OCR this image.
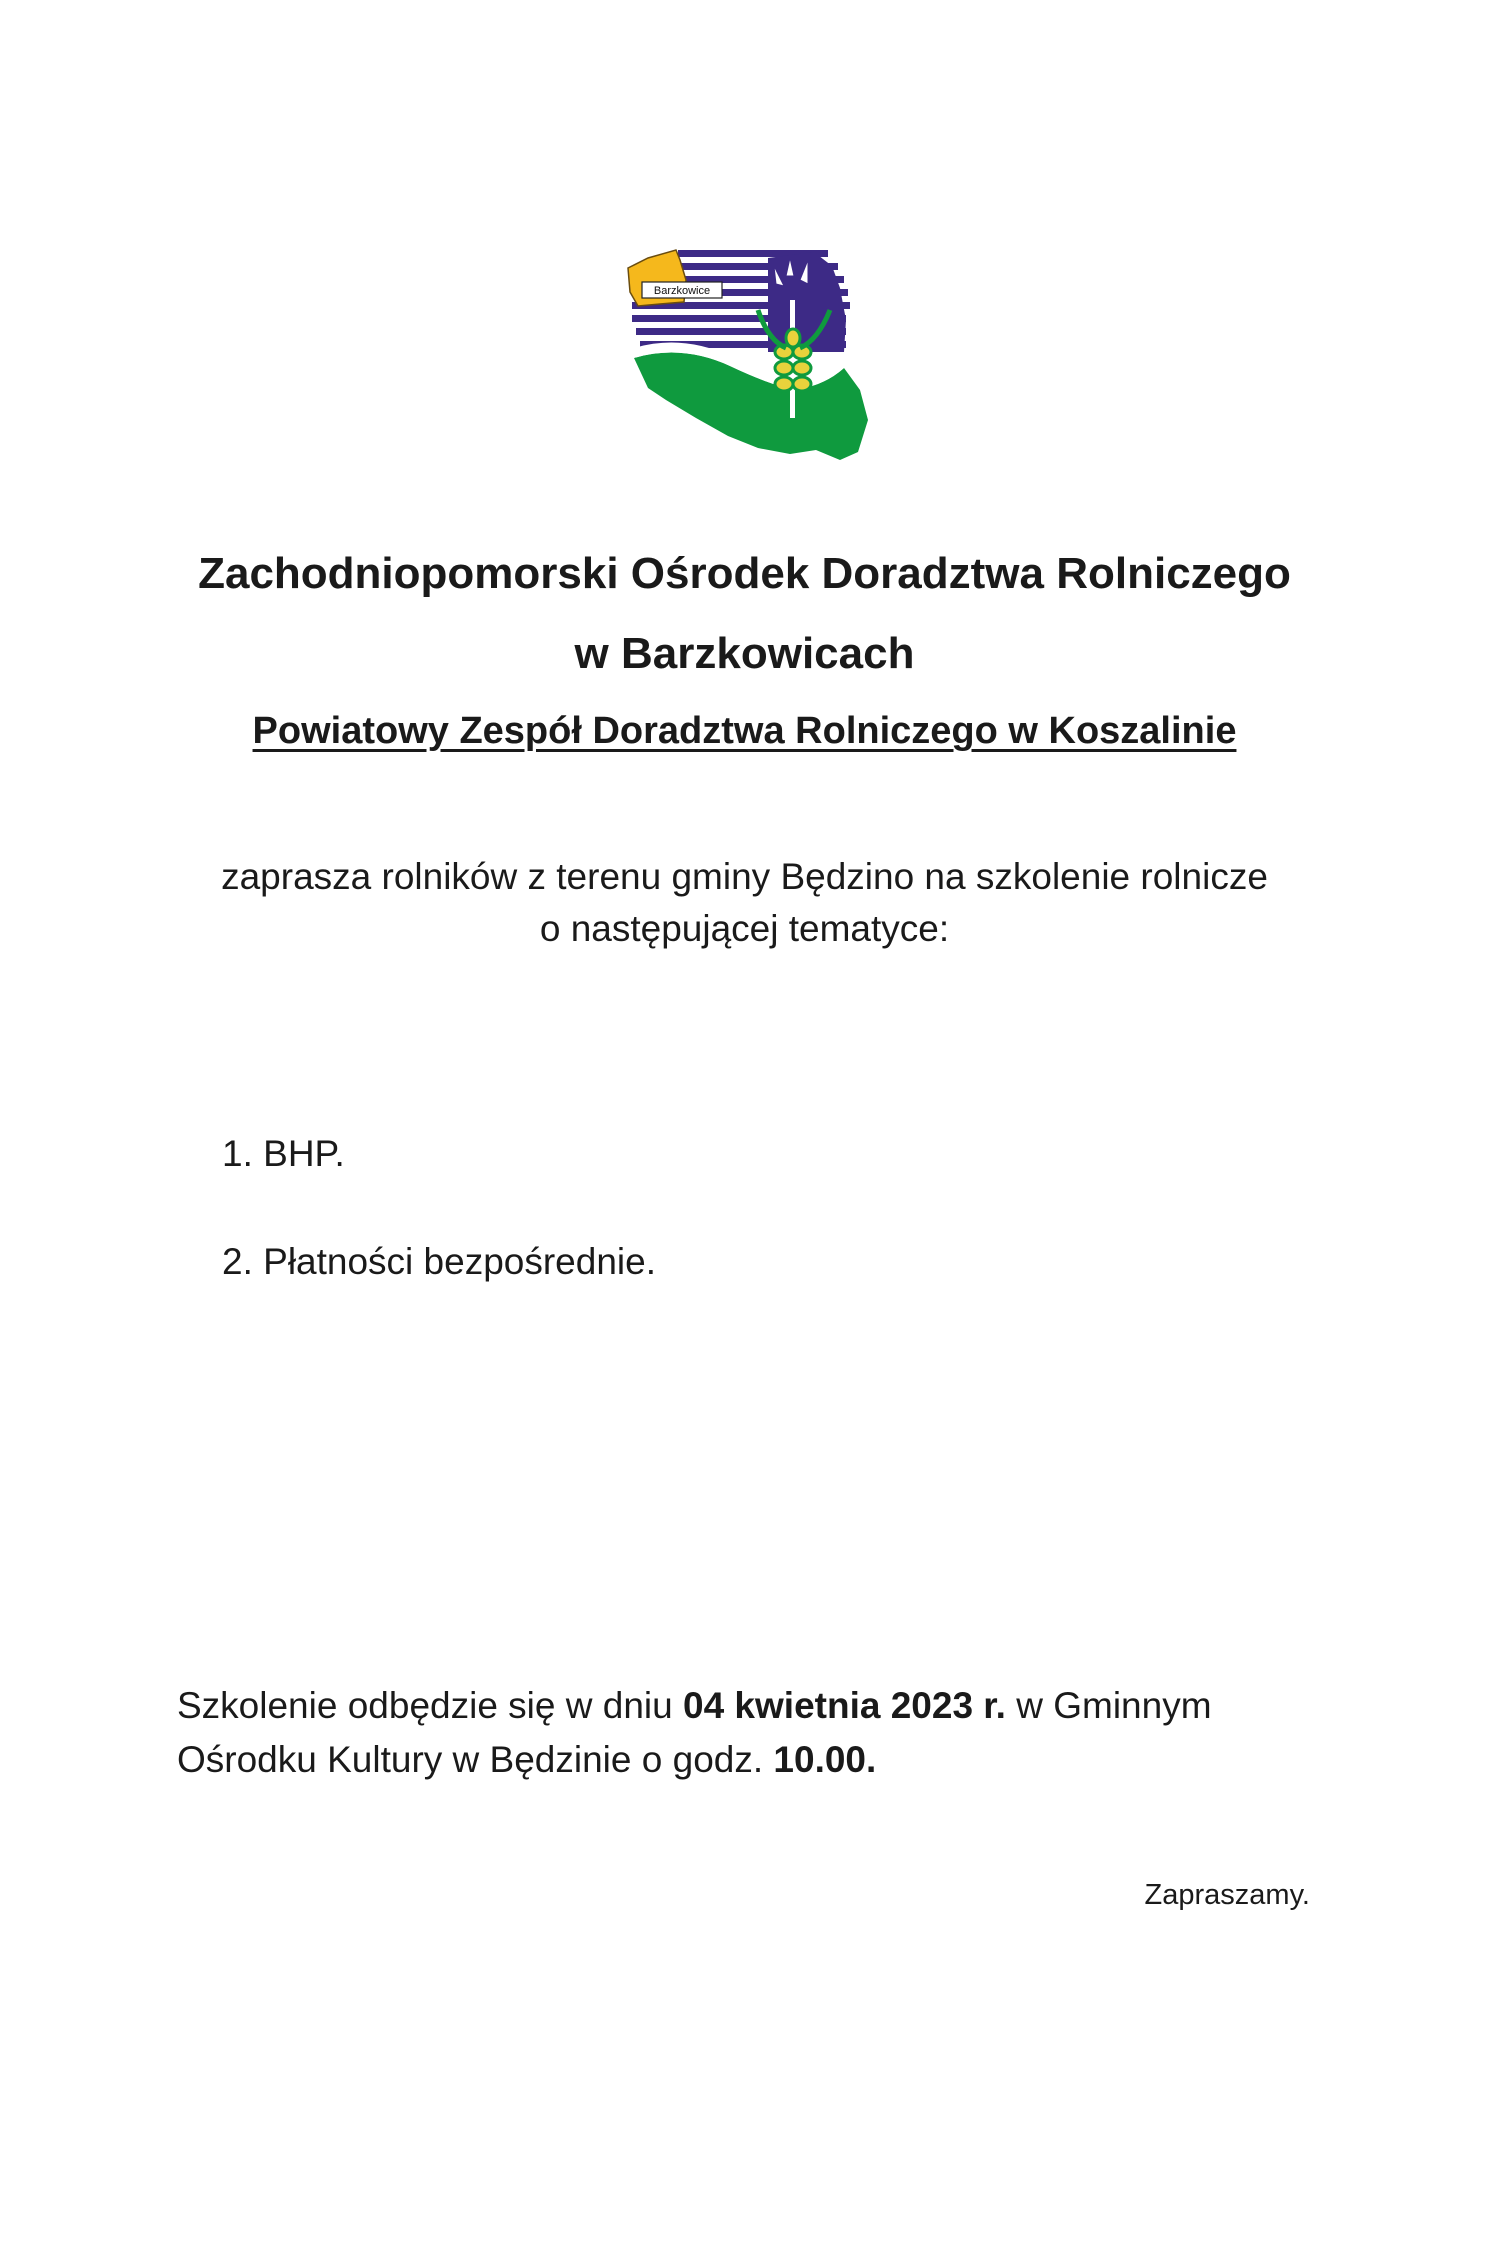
Barzkowice
Zachodniopomorski Ośrodek Doradztwa Rolniczego
w Barzkowicach
Powiatowy Zespół Doradztwa Rolniczego w Koszalinie
zaprasza rolników z terenu gminy Będzino na szkolenie rolnicze
o następującej tematyce:
1. BHP.
2. Płatności bezpośrednie.
Szkolenie odbędzie się w dniu 04 kwietnia 2023 r. w Gminnym
Ośrodku Kultury w Będzinie o godz. 10.00.
Zapraszamy.
